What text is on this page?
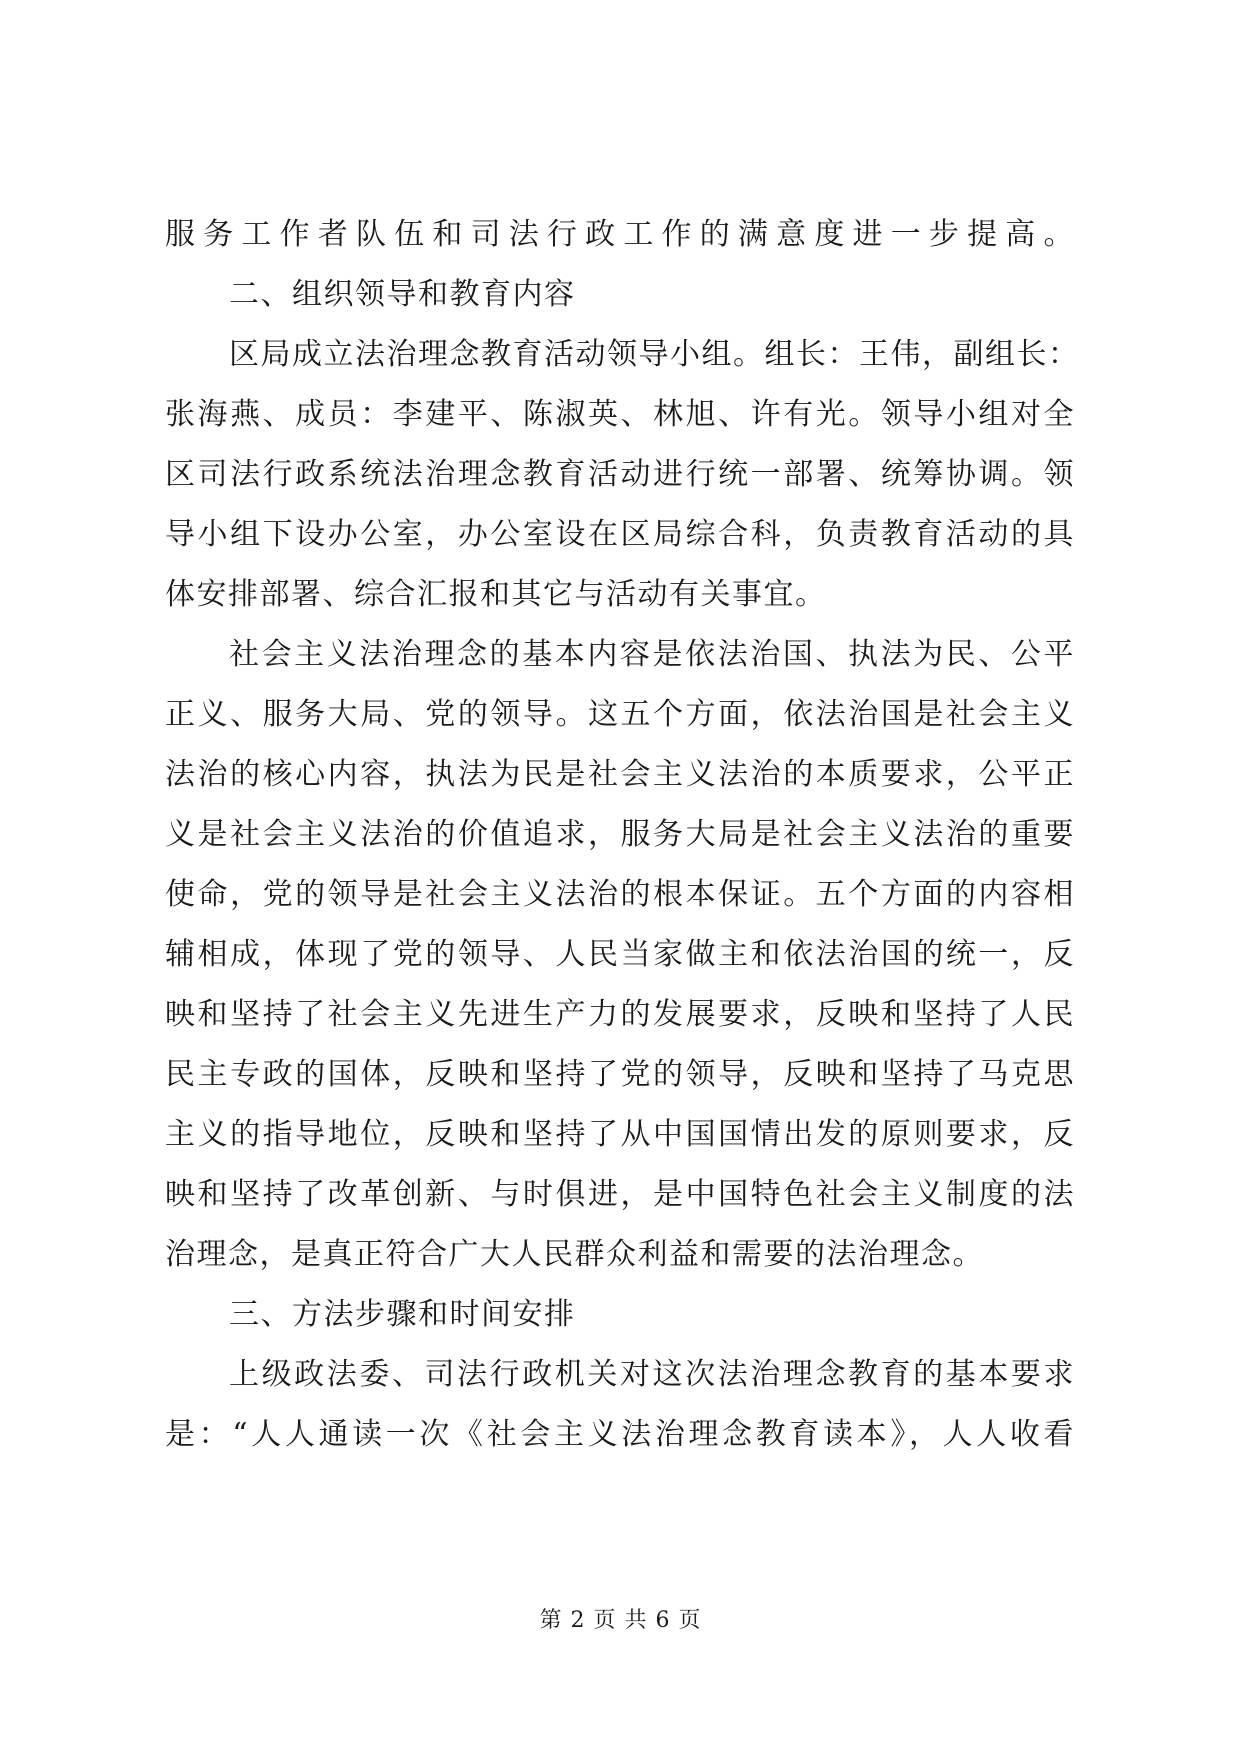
服务工作者队伍和司法行政工作的满意度进一步提高。
二、组织领导和教育内容
区局成立法治理念教育活动领导小组。组长：王伟，副组长：
张海燕、成员：李建平、陈淑英、林旭、许有光。领导小组对全
区司法行政系统法治理念教育活动进行统一部署、统筹协调。领
导小组下设办公室，办公室设在区局综合科，负责教育活动的具
体安排部署、综合汇报和其它与活动有关事宜。
社会主义法治理念的基本内容是依法治国、执法为民、公平
正义、服务大局、党的领导。这五个方面，依法治国是社会主义
法治的核心内容，执法为民是社会主义法治的本质要求，公平正
义是社会主义法治的价值追求，服务大局是社会主义法治的重要
使命，党的领导是社会主义法治的根本保证。五个方面的内容相
辅相成，体现了党的领导、人民当家做主和依法治国的统一，反
映和坚持了社会主义先进生产力的发展要求，反映和坚持了人民
民主专政的国体，反映和坚持了党的领导，反映和坚持了马克思
主义的指导地位，反映和坚持了从中国国情出发的原则要求，反
映和坚持了改革创新、与时俱进，是中国特色社会主义制度的法
治理念，是真正符合广大人民群众利益和需要的法治理念。
三、方法步骤和时间安排
上级政法委、司法行政机关对这次法治理念教育的基本要求
是：“人人通读一次《社会主义法治理念教育读本》，人人收看
第 2 页 共 6 页
